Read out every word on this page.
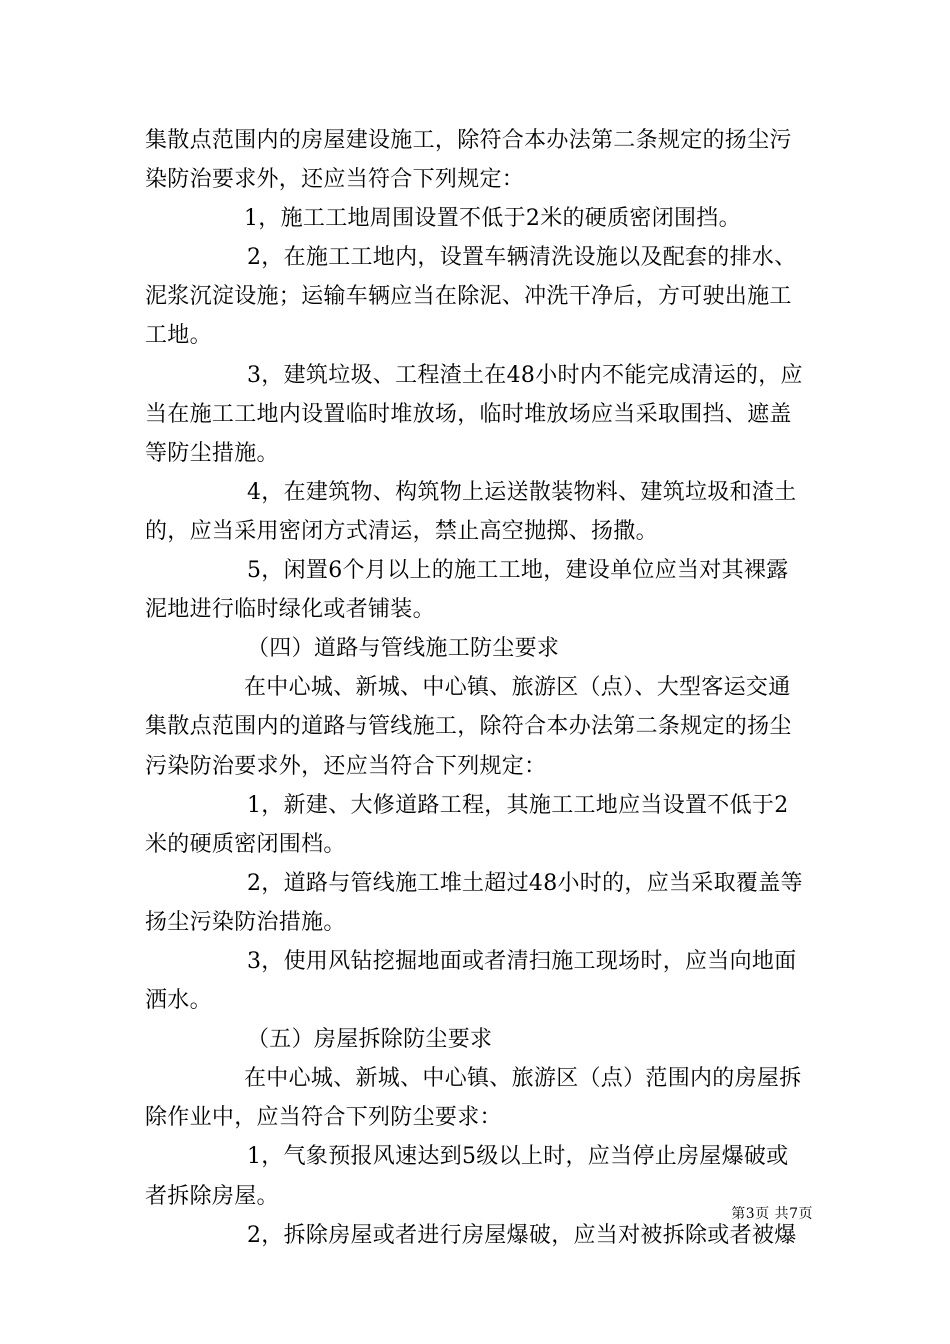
集散点范围内的房屋建设施工，除符合本办法第二条规定的扬尘污

染防治要求外，还应当符合下列规定：

1，施工工地周围设置不低于2米的硬质密闭围挡。

2，在施工工地内，设置车辆清洗设施以及配套的排水、

泥浆沉淀设施；运输车辆应当在除泥、冲洗干净后，方可驶出施工

工地。

3，建筑垃圾、工程渣土在48小时内不能完成清运的，应

当在施工工地内设置临时堆放场，临时堆放场应当采取围挡、遮盖

等防尘措施。

4，在建筑物、构筑物上运送散装物料、建筑垃圾和渣土

的，应当采用密闭方式清运，禁止高空抛掷、扬撒。

5，闲置6个月以上的施工工地，建设单位应当对其裸露

泥地进行临时绿化或者铺装。

（四）道路与管线施工防尘要求

在中心城、新城、中心镇、旅游区（点）、大型客运交通

集散点范围内的道路与管线施工，除符合本办法第二条规定的扬尘

污染防治要求外，还应当符合下列规定：

1，新建、大修道路工程，其施工工地应当设置不低于2

米的硬质密闭围档。

2，道路与管线施工堆土超过48小时的，应当采取覆盖等

扬尘污染防治措施。

3，使用风钻挖掘地面或者清扫施工现场时，应当向地面

洒水。

（五）房屋拆除防尘要求

在中心城、新城、中心镇、旅游区（点）范围内的房屋拆

除作业中，应当符合下列防尘要求：

1，气象预报风速达到5级以上时，应当停止房屋爆破或

者拆除房屋。

2，拆除房屋或者进行房屋爆破，应当对被拆除或者被爆

第3页 共7页
